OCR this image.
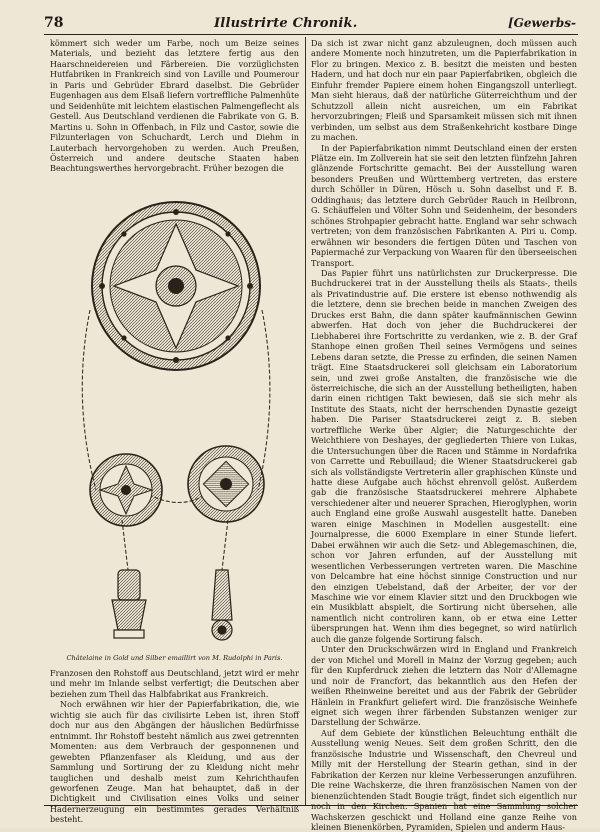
78	Illustrirte Chronik.	[Gewerbs-

kömmert sich weder um Farbe, noch um Beize seines Materials, und bezieht das letztere fertig aus den Haarschneidereien und Färbereien. Die vorzüglichsten Hutfabriken in Frankreich sind von Laville und Poumerour in Paris und Gebrüder Ebrard daselbst. Die Gebrüder Eugenhagen aus dem Elsaß liefern vortreffliche Palmenhüte und Seidenhüte mit leichtem elastischen Palmengeflecht als Gestell. Aus Deutschland verdienen die Fabrikate von G. B. Martins u. Sohn in Offenbach, in Filz und Castor, sowie die Filzunterlagen von Schuchardt, Lerch und Diehm in Lauterbach hervorgehoben zu werden. Auch Preußen, Österreich und andere deutsche Staaten haben Beachtungswerthes hervorgebracht. Früher bezogen die

Châtelaine in Gold und Silber emaillirt von M. Rudolphi in Paris.

Franzosen den Rohstoff aus Deutschland, jetzt wird er mehr und mehr im Inlande selbst verfertigt; die Deutschen aber beziehen zum Theil das Halbfabrikat aus Frankreich.

Noch erwähnen wir hier der Papierfabrikation, die, wie wichtig sie auch für das civilisirte Leben ist, ihren Stoff doch nur aus den Abgängen der häuslichen Bedürfnisse entnimmt. Ihr Rohstoff besteht nämlich aus zwei getrennten Momenten: aus dem Verbrauch der gesponnenen und gewebten Pflanzenfaser als Kleidung, und aus der Sammlung und Sortirung der zu Kleidung nicht mehr tauglichen und deshalb meist zum Kehrichthaufen geworfenen Zeuge. Man hat behauptet, daß in der Dichtigkeit und Civilisation eines Volks und seiner Hadernerzeugung ein bestimmtes gerades Verhältniß besteht.

Da sich ist zwar nicht ganz abzuleugnen, doch müssen auch andere Momente noch hinzutreten, um die Papierfabrikation in Flor zu bringen. Mexico z. B. besitzt die meisten und besten Hadern, und hat doch nur ein paar Papierfabriken, obgleich die Einfuhr fremder Papiere einem hohen Eingangszoll unterliegt. Man sieht hieraus, daß der natürliche Güterreichthum und der Schutzzoll allein nicht ausreichen, um ein Fabrikat hervorzubringen; Fleiß und Sparsamkeit müssen sich mit ihnen verbinden, um selbst aus dem Straßenkehricht kostbare Dinge zu machen.

In der Papierfabrikation nimmt Deutschland einen der ersten Plätze ein. Im Zollverein hat sie seit den letzten fünfzehn Jahren glänzende Fortschritte gemacht. Bei der Ausstellung waren besonders Preußen und Württemberg vertreten, das erstere durch Schöller in Düren, Hösch u. Sohn daselbst und F. B. Oddinghaus; das letztere durch Gebrüder Rauch in Heilbronn, G. Schäuffelen und Völter Sohn und Seidenheim, der besonders schönes Strohpapier gebracht hatte. England war sehr schwach vertreten; von dem französischen Fabrikanten A. Piri u. Comp. erwähnen wir besonders die fertigen Düten und Taschen von Papiermaché zur Verpackung von Waaren für den überseeischen Transport.

Das Papier führt uns natürlichsten zur Druckerpresse. Die Buchdruckerei trat in der Ausstellung theils als Staats-, theils als Privatindustrie auf. Die erstere ist ebenso nothwendig als die letztere, denn sie brechen beide in manchen Zweigen des Druckes erst Bahn, die dann später kaufmännischen Gewinn abwerfen. Hat doch von jeher die Buchdruckerei der Liebhaberei ihre Fortschritte zu verdanken, wie z. B. der Graf Stanhope einen großen Theil seines Vermögens und seines Lebens daran setzte, die Presse zu erfinden, die seinen Namen trägt. Eine Staatsdruckerei soll gleichsam ein Laboratorium sein, und zwei große Anstalten, die französische wie die österreichische, die sich an der Ausstellung betheiligten, haben darin einen richtigen Takt bewiesen, daß sie sich mehr als Institute des Staats, nicht der herrschenden Dynastie gezeigt haben. Die Pariser Staatsdruckerei zeigt z. B. sieben vortreffliche Werke über Algier; die Naturgeschichte der Weichthiere von Deshayes, der gegliederten Thiere von Lukas, die Untersuchungen über die Racen und Stämme in Nordafrika von Carrette und Rebuillaud; die Wiener Staatsdruckerei gab sich als vollständigste Vertreterin aller graphischen Künste und hatte diese Aufgabe auch höchst ehrenvoll gelöst. Außerdem gab die französische Staatsdruckerei mehrere Alphabete verschiedener alter und neuerer Sprachen, Hieroglyphen, worin auch England eine große Auswahl ausgestellt hatte. Daneben waren einige Maschinen in Modellen ausgestellt: eine Journalpresse, die 6000 Exemplare in einer Stunde liefert. Dabei erwähnen wir auch die Setz- und Ablegemaschinen, die, schon vor Jahren erfunden, auf der Ausstellung mit wesentlichen Verbesserungen vertreten waren. Die Maschine von Delcambre hat eine höchst sinnige Construction und nur den einzigen Uebelstand, daß der Arbeiter, der vor der Maschine wie vor einem Klavier sitzt und den Druckbogen wie ein Musikblatt abspielt, die Sortirung nicht übersehen, alle namentlich nicht controliren kann, ob er etwa eine Letter übersprungen hat. Wenn ihm dies begegnet, so wird natürlich auch die ganze folgende Sortirung falsch.

Unter den Druckschwärzen wird in England und Frankreich der von Michel und Morell in Mainz der Vorzug gegeben; auch für den Kupferdruck ziehen die letztern das Noir d'Allemagne und noir de Francfort, das bekanntlich aus den Hefen der weißen Rheinweine bereitet und aus der Fabrik der Gebrüder Hänlein in Frankfurt geliefert wird. Die französische Weinhefe eignet sich wegen ihrer färbenden Substanzen weniger zur Darstellung der Schwärze.

Auf dem Gebiete der künstlichen Beleuchtung enthält die Ausstellung wenig Neues. Seit dem großen Schritt, den die französische Industrie und Wissenschaft, den Chevreul und Milly mit der Herstellung der Stearin gethan, sind in der Fabrikation der Kerzen nur kleine Verbesserungen anzuführen. Die reine Wachskerze, die ihren französischen Namen von der bienenzüchtenden Stadt Bougie trägt, findet sich eigentlich nur noch in den Kirchen. Spanien hat eine Sammlung solcher Wachskerzen geschickt und Holland eine ganze Reihe von kleinen Bienenkörben, Pyramiden, Spielen und anderm Haus-
